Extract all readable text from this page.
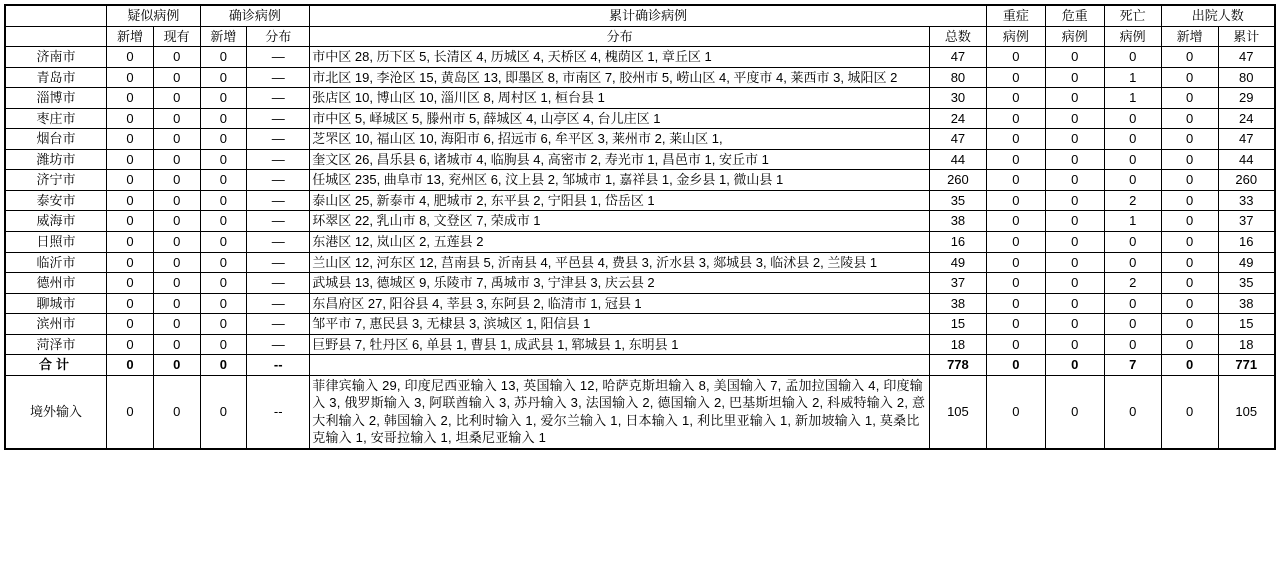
	疑似病例		确诊病例		累计确诊病例		重症	危重	死亡	出院人数	
	新增	现有	新增	分布	分布	总数	病例	病例	病例	新增	累计
济南市	0	0	0	—	市中区 28, 历下区 5, 长清区 4, 历城区 4, 天桥区 4, 槐荫区 1, 章丘区 1	47	0	0	0	0	47
青岛市	0	0	0	—	市北区 19, 李沧区 15, 黄岛区 13, 即墨区 8, 市南区 7, 胶州市 5, 崂山区 4, 平度市 4, 莱西市 3, 城阳区 2	80	0	0	1	0	80
淄博市	0	0	0	—	张店区 10, 博山区 10, 淄川区 8, 周村区 1, 桓台县 1	30	0	0	1	0	29
枣庄市	0	0	0	—	市中区 5, 峄城区 5, 滕州市 5, 薛城区 4, 山亭区 4, 台儿庄区 1	24	0	0	0	0	24
烟台市	0	0	0	—	芝罘区 10, 福山区 10, 海阳市 6, 招远市 6, 牟平区 3, 莱州市 2, 莱山区 1,	47	0	0	0	0	47
潍坊市	0	0	0	—	奎文区 26, 昌乐县 6, 诸城市 4, 临朐县 4, 高密市 2, 寿光市 1, 昌邑市 1, 安丘市 1	44	0	0	0	0	44
济宁市	0	0	0	—	任城区 235, 曲阜市 13, 兖州区 6, 汶上县 2, 邹城市 1, 嘉祥县 1, 金乡县 1, 微山县 1	260	0	0	0	0	260
泰安市	0	0	0	—	泰山区 25, 新泰市 4, 肥城市 2, 东平县 2, 宁阳县 1, 岱岳区 1	35	0	0	2	0	33
威海市	0	0	0	—	环翠区 22, 乳山市 8, 文登区 7, 荣成市 1	38	0	0	1	0	37
日照市	0	0	0	—	东港区 12, 岚山区 2, 五莲县 2	16	0	0	0	0	16
临沂市	0	0	0	—	兰山区 12, 河东区 12, 莒南县 5, 沂南县 4, 平邑县 4, 费县 3, 沂水县 3, 郯城县 3, 临沭县 2, 兰陵县 1	49	0	0	0	0	49
德州市	0	0	0	—	武城县 13, 德城区 9, 乐陵市 7, 禹城市 3, 宁津县 3, 庆云县 2	37	0	0	2	0	35
聊城市	0	0	0	—	东昌府区 27, 阳谷县 4, 莘县 3, 东阿县 2, 临清市 1, 冠县 1	38	0	0	0	0	38
滨州市	0	0	0	—	邹平市 7, 惠民县 3, 无棣县 3, 滨城区 1, 阳信县 1	15	0	0	0	0	15
菏泽市	0	0	0	—	巨野县 7, 牡丹区 6, 单县 1, 曹县 1, 成武县 1, 郓城县 1, 东明县 1	18	0	0	0	0	18
合计	0	0	0	--		778	0	0	7	0	771
境外输入	0	0	0	--	菲律宾输入 29, 印度尼西亚输入 13, 英国输入 12, 哈萨克斯坦输入 8, 美国输入 7, 孟加拉国输入 4, 印度输入 3, 俄罗斯输入 3, 阿联酋输入 3, 苏丹输入 3, 法国输入 2, 德国输入 2, 巴基斯坦输入 2, 科威特输入 2, 意大利输入 2, 韩国输入 2, 比利时输入 1, 爱尔兰输入 1, 日本输入 1, 利比里亚输入 1, 新加坡输入 1, 莫桑比克输入 1, 安哥拉输入 1, 坦桑尼亚输入 1	105	0	0	0	0	105
